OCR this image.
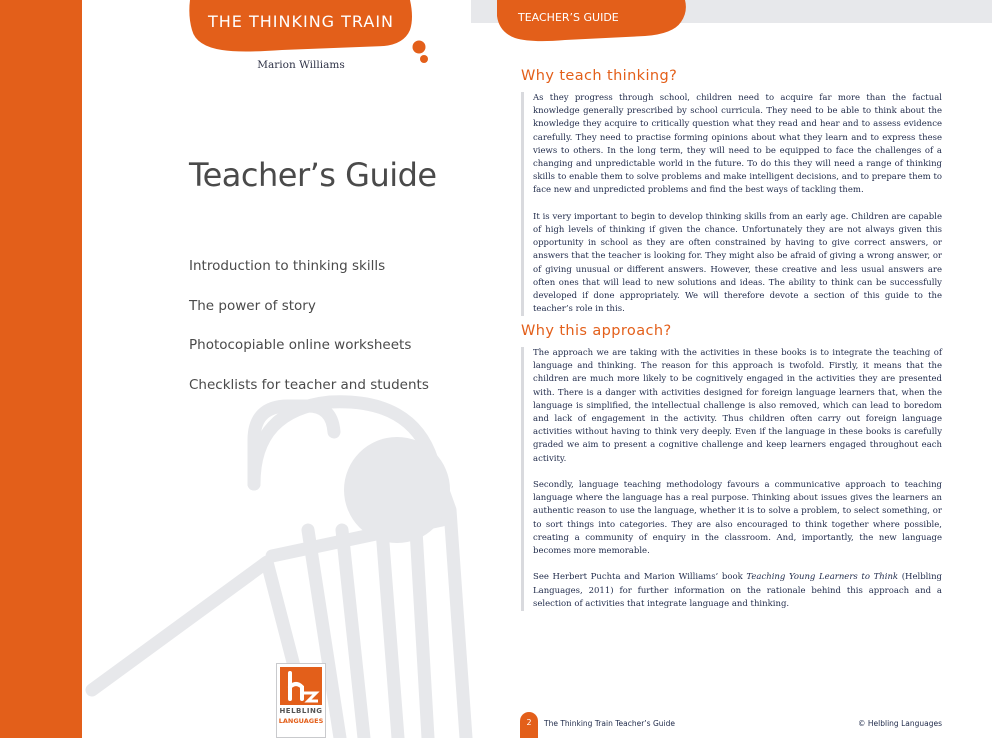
THE THINKING TRAIN
Marion Williams
Teacher’s Guide
Introduction to thinking skills
The power of story
Photocopiable online worksheets
Checklists for teacher and students
HELBLING
LANGUAGES
TEACHER’S GUIDE
Why teach thinking?

As they progress through school, children need to acquire far more than the factual knowledge generally prescribed by school curricula. They need to be able to think about the knowledge they acquire to critically question what they read and hear and to assess evidence carefully. They need to practise forming opinions about what they learn and to express these views to others. In the long term, they will need to be equipped to face the challenges of a changing and unpredictable world in the future. To do this they will need a range of thinking skills to enable them to solve problems and make intelligent decisions, and to prepare them to face new and unpredicted problems and find the best ways of tackling them.

It is very important to begin to develop thinking skills from an early age. Children are capable of high levels of thinking if given the chance. Unfortunately they are not always given this opportunity in school as they are often constrained by having to give correct answers, or answers that the teacher is looking for. They might also be afraid of giving a wrong answer, or of giving unusual or different answers. However, these creative and less usual answers are often ones that will lead to new solutions and ideas. The ability to think can be successfully developed if done appropriately. We will therefore devote a section of this guide to the teacher’s role in this.

Why this approach?

The approach we are taking with the activities in these books is to integrate the teaching of language and thinking. The reason for this approach is twofold. Firstly, it means that the children are much more likely to be cognitively engaged in the activities they are presented with. There is a danger with activities designed for foreign language learners that, when the language is simplified, the intellectual challenge is also removed, which can lead to boredom and lack of engagement in the activity. Thus children often carry out foreign language activities without having to think very deeply. Even if the language in these books is carefully graded we aim to present a cognitive challenge and keep learners engaged throughout each activity.

Secondly, language teaching methodology favours a communicative approach to teaching language where the language has a real purpose. Thinking about issues gives the learners an authentic reason to use the language, whether it is to solve a problem, to select something, or to sort things into categories. They are also encouraged to think together where possible, creating a community of enquiry in the classroom. And, importantly, the new language becomes more memorable.

See Herbert Puchta and Marion Williams’ book Teaching Young Learners to Think (Helbling Languages, 2011) for further information on the rationale behind this approach and a selection of activities that integrate language and thinking.

2	The Thinking Train Teacher’s Guide	© Helbling Languages
